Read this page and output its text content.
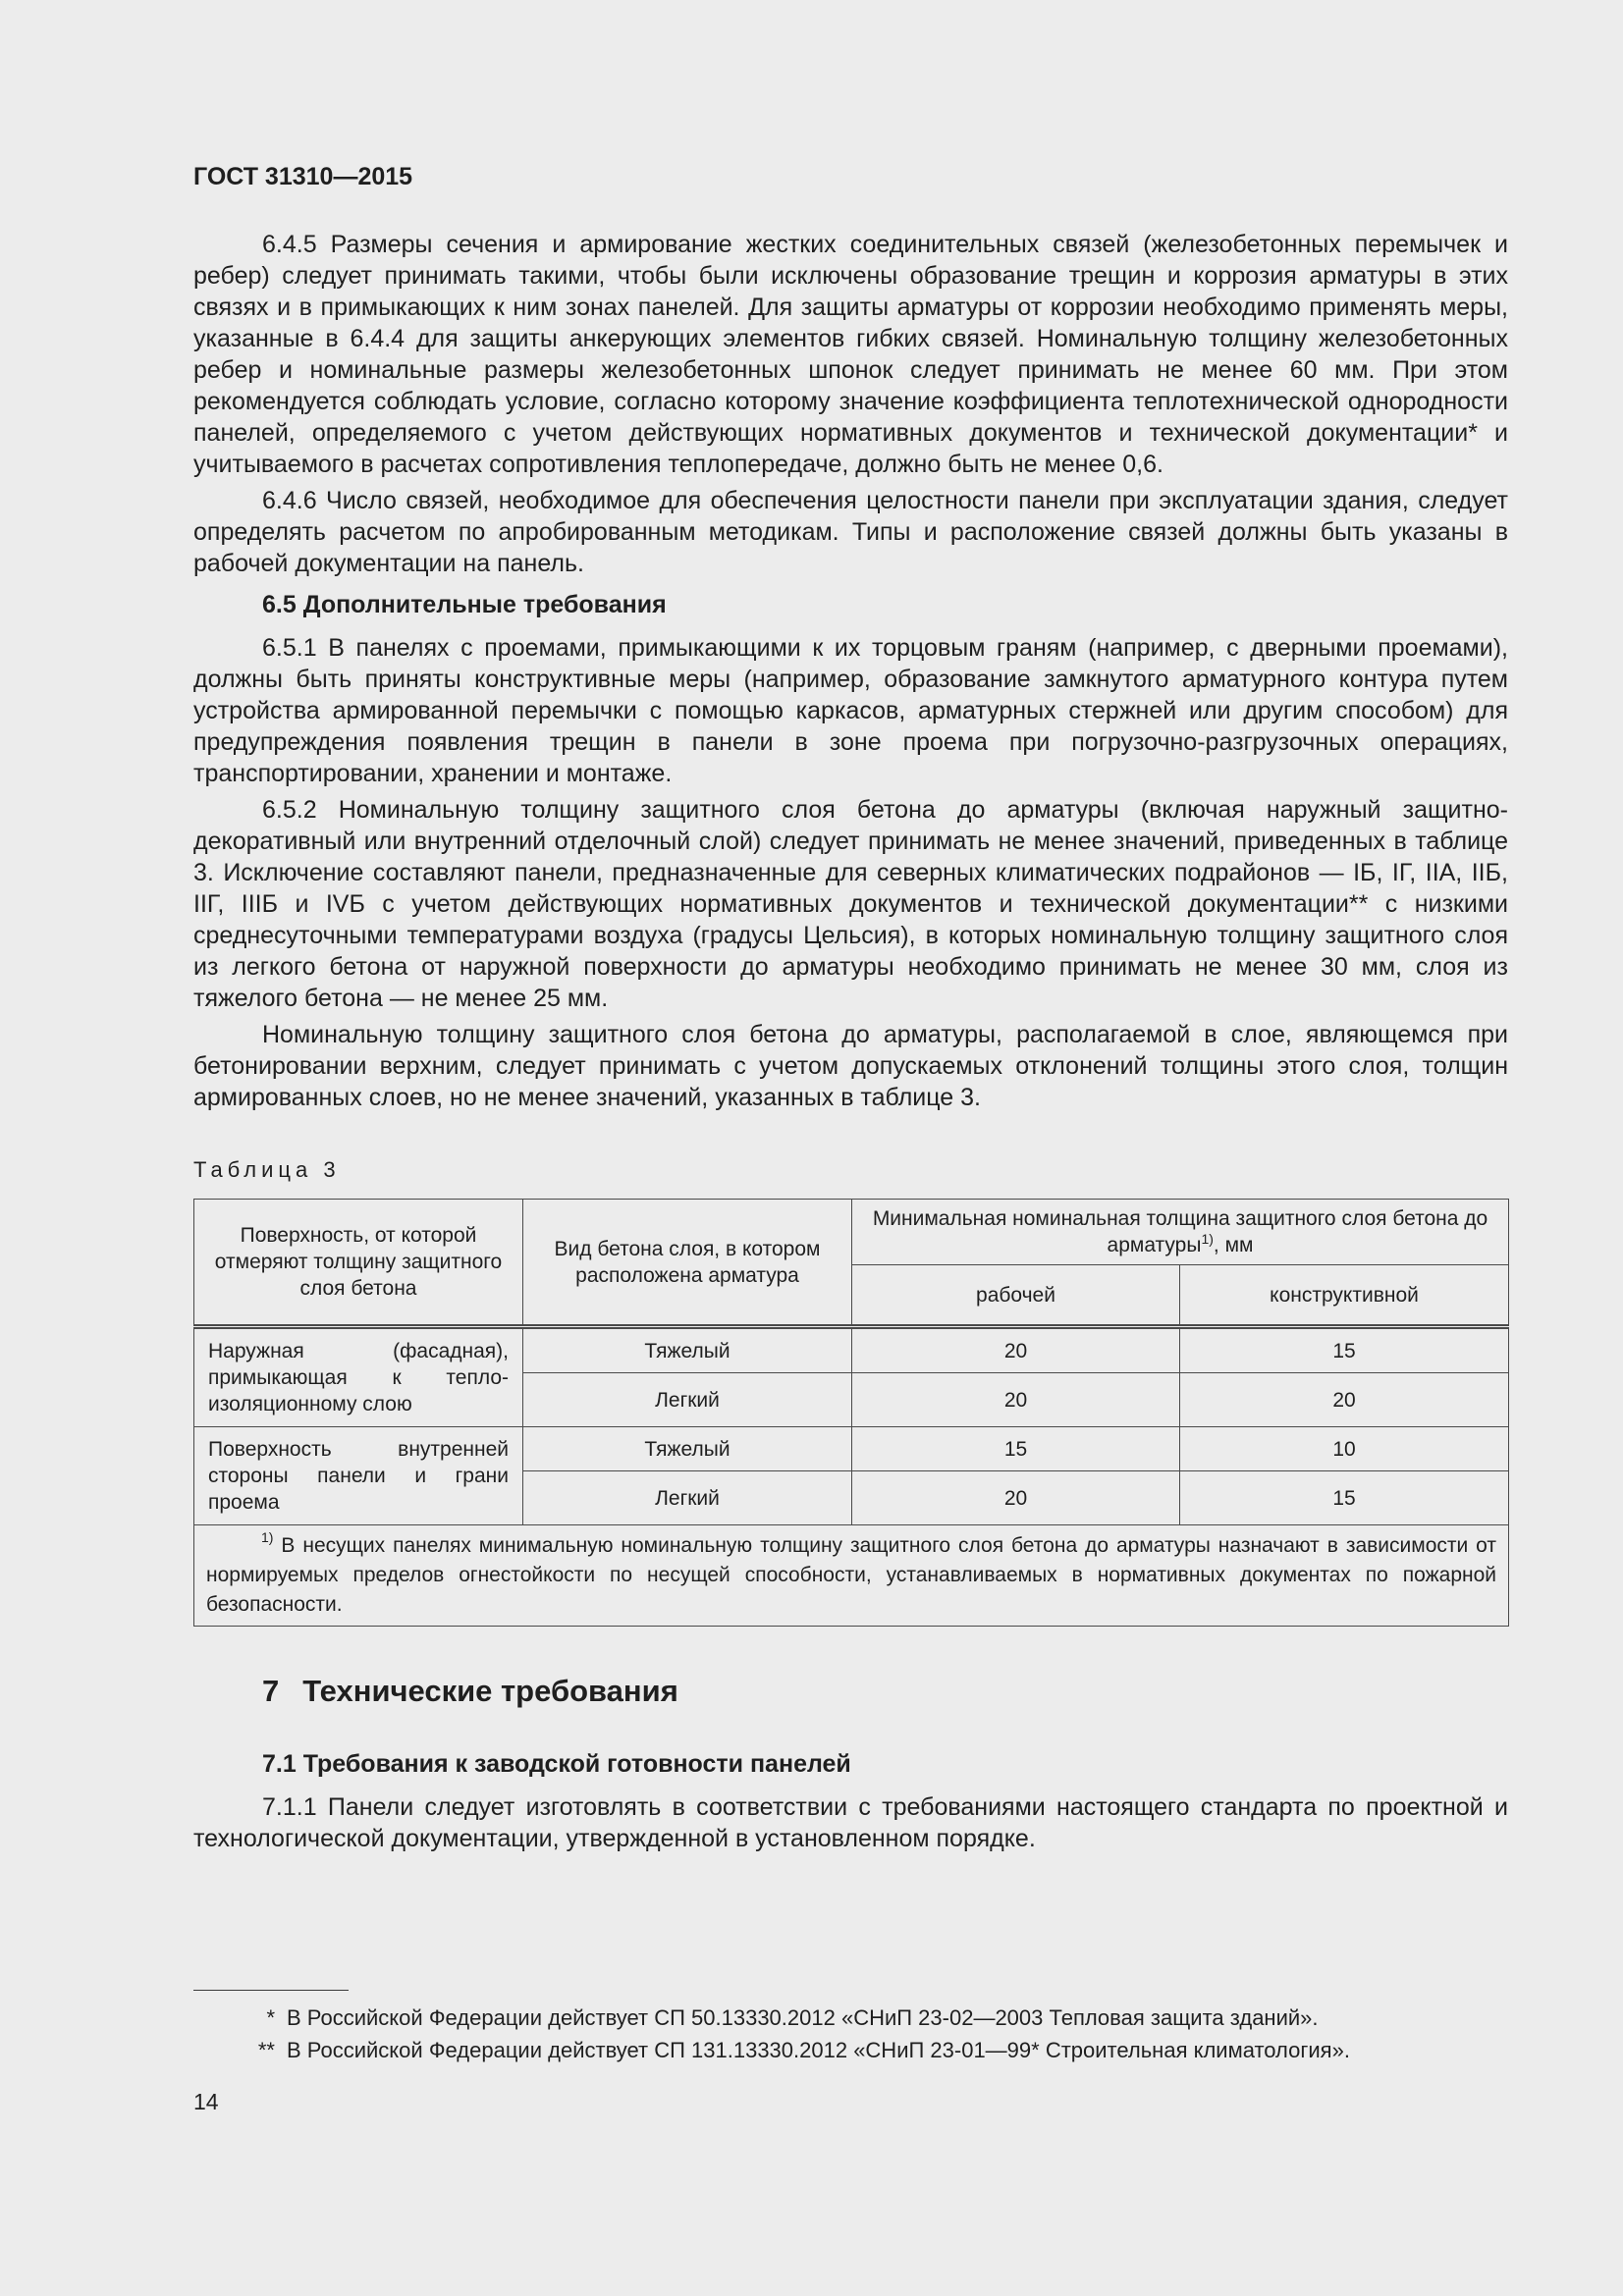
ГОСТ 31310—2015

6.4.5 Размеры сечения и армирование жестких соединительных связей (железобетонных перемычек и ребер) следует принимать такими, чтобы были исключены образование трещин и коррозия арматуры в этих связях и в примыкающих к ним зонах панелей. Для защиты арматуры от коррозии необходимо применять меры, указанные в 6.4.4 для защиты анкерующих элементов гибких связей. Номинальную толщину железобетонных ребер и номинальные размеры железобетонных шпонок следует принимать не менее 60 мм. При этом рекомендуется соблюдать условие, согласно которому значение коэффициента теплотехнической однородности панелей, определяемого с учетом действующих нормативных документов и технической документации* и учитываемого в расчетах сопротивления теплопередаче, должно быть не менее 0,6.

6.4.6 Число связей, необходимое для обеспечения целостности панели при эксплуатации здания, следует определять расчетом по апробированным методикам. Типы и расположение связей должны быть указаны в рабочей документации на панель.

6.5 Дополнительные требования

6.5.1 В панелях с проемами, примыкающими к их торцовым граням (например, с дверными проемами), должны быть приняты конструктивные меры (например, образование замкнутого арматурного контура путем устройства армированной перемычки с помощью каркасов, арматурных стержней или другим способом) для предупреждения появления трещин в панели в зоне проема при погрузочно-разгрузочных операциях, транспортировании, хранении и монтаже.

6.5.2 Номинальную толщину защитного слоя бетона до арматуры (включая наружный защитно-декоративный или внутренний отделочный слой) следует принимать не менее значений, приведенных в таблице 3. Исключение составляют панели, предназначенные для северных климатических подрайонов — IБ, IГ, IIА, IIБ, IIГ, IIIБ и IVБ с учетом действующих нормативных документов и технической документации** с низкими среднесуточными температурами воздуха (градусы Цельсия), в которых номинальную толщину защитного слоя из легкого бетона от наружной поверхности до арматуры необходимо принимать не менее 30 мм, слоя из тяжелого бетона — не менее 25 мм.

Номинальную толщину защитного слоя бетона до арматуры, располагаемой в слое, являющемся при бетонировании верхним, следует принимать с учетом допускаемых отклонений толщины этого слоя, толщин армированных слоев, но не менее значений, указанных в таблице 3.

Таблица 3
Поверхность, от которой отмеряют толщину защитного слоя бетона	Вид бетона слоя, в котором расположена арматура	Минимальная номинальная толщина защитного слоя бетона до арматуры$^{1)}$, мм	
		рабочей	конструктивной
Наружная (фасадная), примыкающая к тепло-изоляционному слою	Тяжелый	20	15
	Легкий	20	20
Поверхность внутренней стороны панели и грани проема	Тяжелый	15	10
	Легкий	20	15
$^{1)}$ В несущих панелях минимальную номинальную толщину защитного слоя бетона до арматуры назначают в зависимости от нормируемых пределов огнестойкости по несущей способности, устанавливаемых в нормативных документах по пожарной безопасности.			
7 Технические требования
7.1 Требования к заводской готовности панелей

7.1.1 Панели следует изготовлять в соответствии с требованиями настоящего стандарта по проектной и технологической документации, утвержденной в установленном порядке.

* В Российской Федерации действует СП 50.13330.2012 «СНиП 23-02—2003 Тепловая защита зданий».
** В Российской Федерации действует СП 131.13330.2012 «СНиП 23-01—99* Строительная климатология».
14
